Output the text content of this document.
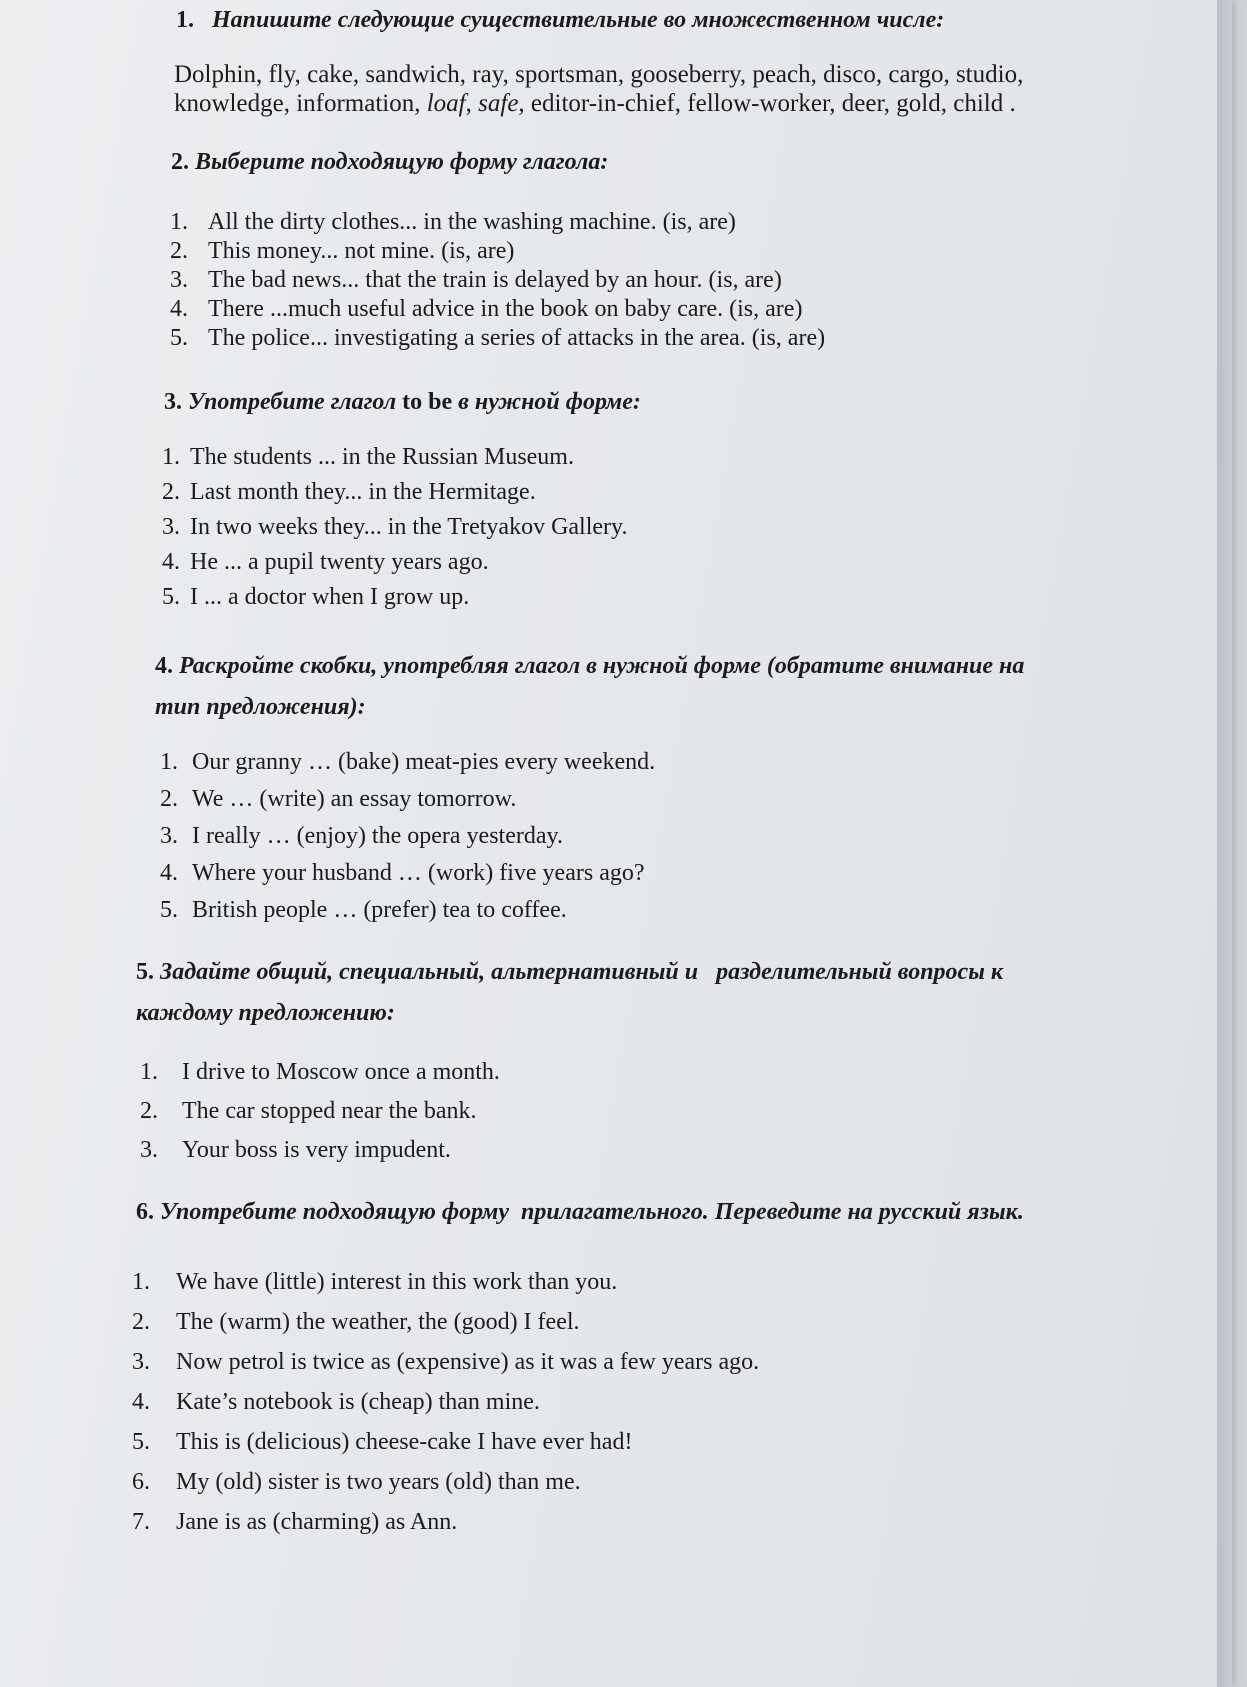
1. Напишите следующие существительные во множественном числе:

Dolphin, fly, cake, sandwich, ray, sportsman, gooseberry, peach, disco, cargo, studio,

knowledge, information, loaf, safe, editor-in-chief, fellow-worker, deer, gold, child .

2. Выберите подходящую форму глагола:

1. All the dirty clothes... in the washing machine. (is, are)
2. This money... not mine. (is, are)
3. The bad news... that the train is delayed by an hour. (is, are)
4. There ...much useful advice in the book on baby care. (is, are)
5. The police... investigating a series of attacks in the area. (is, are)

3. Употребите глагол to be в нужной форме:

1. The students ... in the Russian Museum.
2. Last month they... in the Hermitage.
3. In two weeks they... in the Tretyakov Gallery.
4. He ... a pupil twenty years ago.
5. I ... a doctor when I grow up.

4. Раскройте скобки, употребляя глагол в нужной форме (обратите внимание на
тип предложения):

1. Our granny … (bake) meat-pies every weekend.
2. We … (write) an essay tomorrow.
3. I really … (enjoy) the opera yesterday.
4. Where your husband … (work) five years ago?
5. British people … (prefer) tea to coffee.

5. Задайте общий, специальный, альтернативный и   разделительный вопросы к
каждому предложению:

1.	I drive to Moscow once a month.
2.	The car stopped near the bank.
3.	Your boss is very impudent.

6. Употребите подходящую форму  прилагательного. Переведите на русский язык.

1.	We have (little) interest in this work than you.
2.	The (warm) the weather, the (good) I feel.
3.	Now petrol is twice as (expensive) as it was a few years ago.
4.	Kate’s notebook is (cheap) than mine.
5.	This is (delicious) cheese-cake I have ever had!
6.	My (old) sister is two years (old) than me.
7.	Jane is as (charming) as Ann.
